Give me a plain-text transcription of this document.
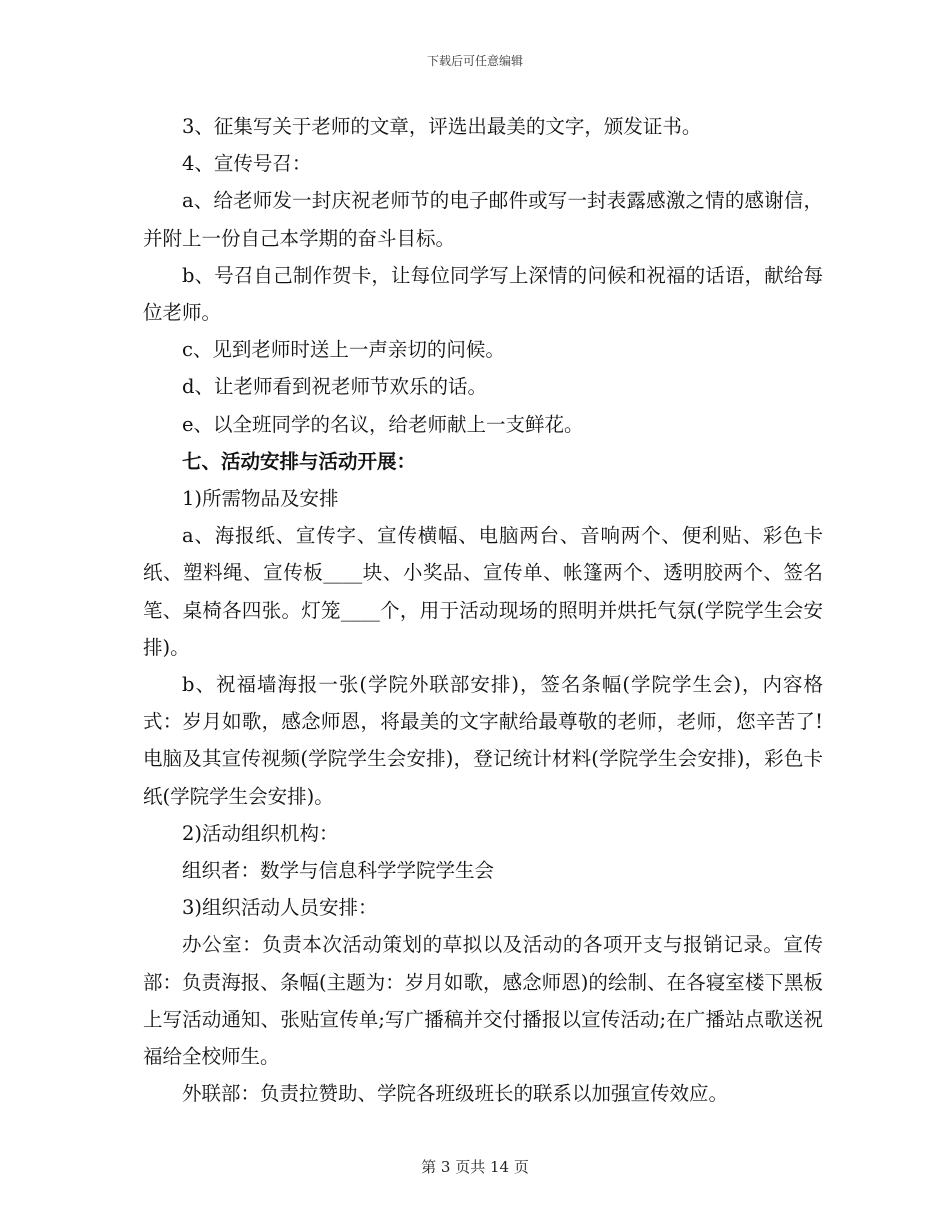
下载后可任意编辑

3、征集写关于老师的文章，评选出最美的文字，颁发证书。

4、宣传号召：

a、给老师发一封庆祝老师节的电子邮件或写一封表露感激之情的感谢信，并附上一份自己本学期的奋斗目标。

b、号召自己制作贺卡，让每位同学写上深情的问候和祝福的话语，献给每位老师。

c、见到老师时送上一声亲切的问候。

d、让老师看到祝老师节欢乐的话。

e、以全班同学的名议，给老师献上一支鲜花。

七、活动安排与活动开展：

1)所需物品及安排

a、海报纸、宣传字、宣传横幅、电脑两台、音响两个、便利贴、彩色卡纸、塑料绳、宣传板____块、小奖品、宣传单、帐篷两个、透明胶两个、签名笔、桌椅各四张。灯笼____个，用于活动现场的照明并烘托气氛(学院学生会安排)。

b、祝福墙海报一张(学院外联部安排)，签名条幅(学院学生会)，内容格式：岁月如歌，感念师恩，将最美的文字献给最尊敬的老师，老师，您辛苦了!电脑及其宣传视频(学院学生会安排)，登记统计材料(学院学生会安排)，彩色卡纸(学院学生会安排)。

2)活动组织机构：

组织者：数学与信息科学学院学生会

3)组织活动人员安排：

办公室：负责本次活动策划的草拟以及活动的各项开支与报销记录。宣传部：负责海报、条幅(主题为：岁月如歌，感念师恩)的绘制、在各寝室楼下黑板上写活动通知、张贴宣传单;写广播稿并交付播报以宣传活动;在广播站点歌送祝福给全校师生。

外联部：负责拉赞助、学院各班级班长的联系以加强宣传效应。

第 3 页共 14 页
